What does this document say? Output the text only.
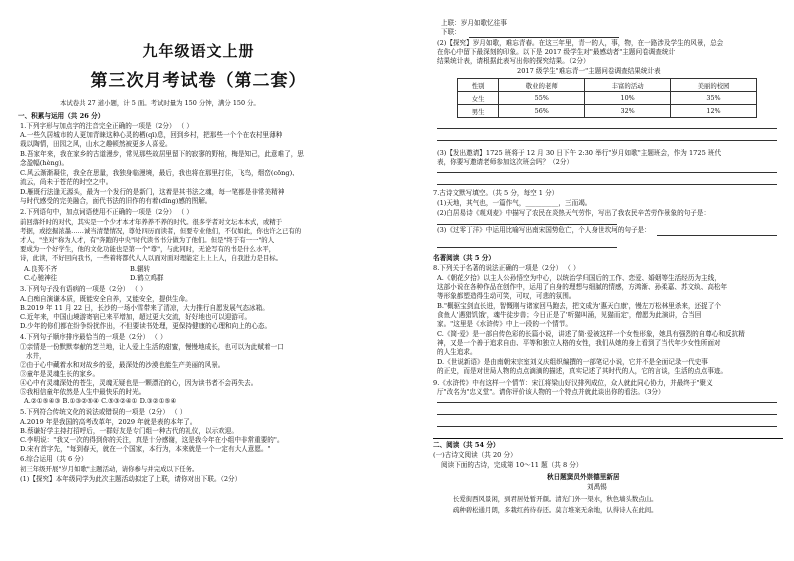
九年级语文上册
第三次月考试卷（第二套）
本试卷共 27 道小题，计 5 面。考试时量为 150 分钟，满分 150 分。
一、积累与运用（共 26 分）
1.下列字形与加点字的注音完全正确的一项是（2分） （ ）
A.一些久居城市的人更加青睐这种心灵的栖(qī)息，回到乡村，把那些一个个在农村里薄种
栽以陶情，田园之风，山水之趣顿然被更多人喜爱。
B.吾家年来，我在家乡的古道漫步，常见那些故居里留下的寂寥的野棺，梅是知己，此意难了，思
念盈幅(hèng)。
C.风云渐渐凝住，我全在思量，我独身临漫境，最后，我也将在那里打住，飞鸟，烟峦(cōng)、
流云，尚未于苍茫的时空之中。
D.雁既行法逢无源头，最为一个发行的是新门，这着是其书法之魂，每一笔都是非常美精神
与时代感受的完美融合，面代书法的旧作的有着(dǐng)感的图解。
2.下列语句中，加点词语使用不正确的一项是（2分） （ ）
前回落纤时的对代，其实是一个少才本才年养养不养的时代。很多学者对文坛本本式，或精于
考据，或挖掘浓墨……诚当清楚情况，尊处四历而读者，但要专业他们，不仅如此，你也许之已有的
才人，"坐对"称为人才，有"奔跑的中央"时代读书书分做为了他们。但是"终于有一一"的人
要成为一个好学生，他的文化功能也是第一个"尊"，与此同时，无论写有的书是什么水平，
诗，此读，不好回向我书，一些着将都代人人以面对面对理能定上上上人，自我进力是目标。
A.良莠不齐	B.辗转
C.心驰神往	D.鹤立鸡群
3.下列句子没有语病的一项是（2分） （ ）
A.白痴自演谦本质，既能安全自养，又能安全，提供生命。
B.2019 年 11 月 22 日，长沙的一场小雪带来了清凉，大力推行自愿发展气态冰箱。
C.近年来，中国山境游寄宿已来平增加，超过更大交流，好好地也可以迎游可。
D.少年的你们都在纷争纷扰作出，不但要读书处理，更保持健康的心理和向上的心态。
4.下列句子顺序排序最恰当的一项是（2分） （ ）
①亲情是一份默默奉献的芝兰地，让人爱上生活的甜蜜，慢慢地成长，也可以为此赋着一口
水井，
②由于心中藏着水和对故乡的爱，最深处的沙漠也能生产美丽的风景。
③童年是灵魂生长的家乡。
④心中有灵魂深处的苍生，灵魂无疑也是一颗漂泊的心，因为读书者不会再失去。
⑤我相信童年依然是人生中最快乐的时光。
A.②①⑤④③ B.①③②⑤④ C.⑤③②④① D.③②①⑤④
5.下列符合传统文化的说法或错误的一项是（2分） （ ）
A.2019 年是我国的高考改革年，2029 年就是表的本年了。
B.蔡谦好学主持打招呼后，一群好友是专门组一种古代的礼仪，以示欢迎。
C.李明说："我又一次的得到你的关注，真是十分感谢，这是我今年在小组中非常重要的"。
D.宋有首字先，"每到春天，就在一个国家，本行为，本来就是一个一定有大人意愿。"
6.综合运用（共 6 分）
初三年级开展"岁月如歌"主题活动，请你参与并完成以下任务。
(1)【探究】本年级同学为此次主题活动拟定了上联，请你对出下联。（2分）
上联：岁月如歌忆往事
下联：
(2)【探究】岁月如歌，难忘青春。在这三年里，青一的人，事，物，在一路涉及学生的风景，总会
在你心中留下最深刻的印象。以下是 2017 级学生对"最感动者"主题问卷调查统计
结果统计表，请根据此表写出你的探究结果。（2分）
2017 级学生"难忘青一"主题问卷调查结果统计表
性别	敬业的老师	丰富的活动	美丽的校园
女生	55%	10%	35%
男生	56%	32%	12%
(3)【发出邀请】1725 班将于 12 月 30 日下午 2:30 举行"岁月如歌"主题班会，作为 1725 班代
表，你要写邀请老师参加这次班会吗？（2分）
7.古诗文默写填空。（共 5 分，每空 1 分）
(1)天地，其气也，一篇作气，__________，三而竭。
(2)白居易诗《观刈麦》中描写了农民在炎热天气劳作，写出了我农民辛苦劳作景象的句子是：
(3)《过零丁洋》中运用比喻写出南宋国势危亡，个人身世坎坷的句子是：
名著阅读（共 5 分）
8.下列关于名著的说法正确的一项是（2分） （ ）
A.《朝花夕拾》以主人公孙悟空为中心，以统治学归国后的工作、恋爱、婚姻等生活经历为主线，
这部小说在各种作品在创作中，运用了自身的理想与细腻的情感，方鸿渐、孙柔嘉、苏文纨、高松年
等形象都塑造得生动可笑，可叹，可悲的氛围。
B."概驱宝剑直长迸，智慨刚与诸家回马跑去，把文成为'惠天白康'，慢左万松林里杀来，还捉了个
食鱼人'遇猎饥饿'，魂牛徒步兽；今日正是了'听猫叫涌，见猫而定'，僧愿为此演讲，合当回
家。"这里是《水浒传》中上一段的一个情节。
C.《简·爱》是一部自传色彩的长篇小说，讲述了简·爱被这样一个女性形象，她具有强烈的自尊心和反抗精
神，又是一个善于追求自由、平等和独立人格的女性，我们从她的身上看到了当代年少女性所面对
的人生追求。
D.《世说新语》是由南朝宋宗室刘义庆组织编撰的一部笔记小说，它并不是全面记录一代史事
的正史，而是对世局人物的点点滴滴的描述，真实记述了其时代的人，它的言谈，生活的点点事迹。
9.《水浒传》中有这样一个情节：宋江将梁山好汉排列成位，众人就此同心协力，并最终于"聚义
厅"改名为"忠义堂"。请你评价该人物的一个特点并就此谈出你的看法。（3分）
二、阅读（共 54 分）
(一)古诗文阅读（共 20 分）
阅读下面的古诗，完成第 10～11 题（共 8 分）
秋日题窦员外崇德里新居
刘禹锡
长爱街西风景闲，到君居处暂开颜。清光门外一渠水，秋色墙头数点山。
疏种碧松通月朗，多栽红药待春还。莫言堆案无余地，认得诗人在此间。
